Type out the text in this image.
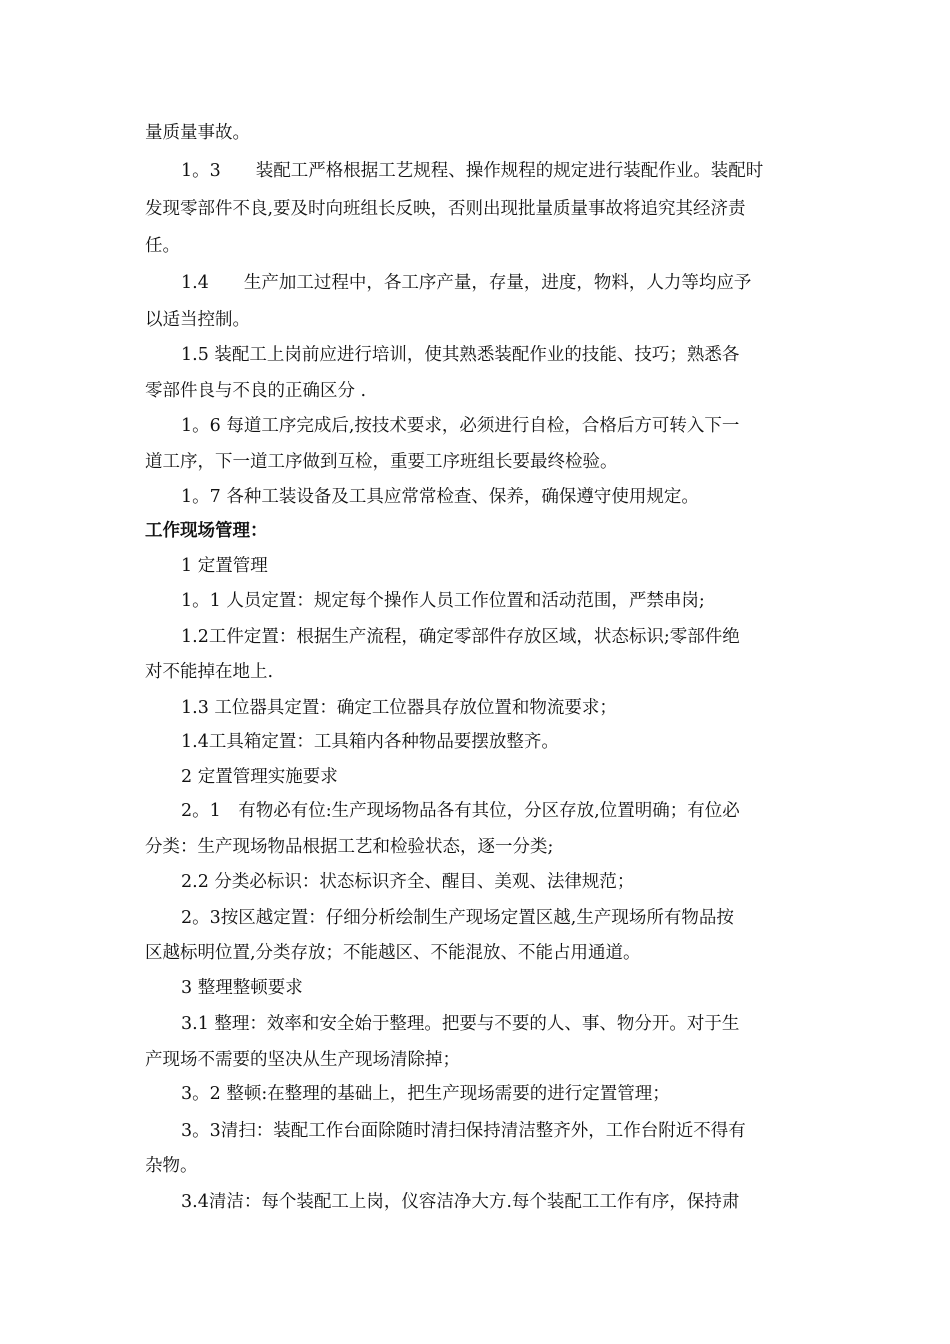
量质量事故。
1。3　　装配工严格根据工艺规程、操作规程的规定进行装配作业。装配时
发现零部件不良,要及时向班组长反映，否则出现批量质量事故将追究其经济责
任。
1.4　　生产加工过程中，各工序产量，存量，进度，物料，人力等均应予
以适当控制。
1.5 装配工上岗前应进行培训，使其熟悉装配作业的技能、技巧；熟悉各
零部件良与不良的正确区分 .
1。6 每道工序完成后,按技术要求，必须进行自检，合格后方可转入下一
道工序，下一道工序做到互检，重要工序班组长要最终检验。
1。7 各种工装设备及工具应常常检查、保养，确保遵守使用规定。
工作现场管理：
1 定置管理
1。1 人员定置：规定每个操作人员工作位置和活动范围，严禁串岗;
1.2工件定置：根据生产流程，确定零部件存放区域，状态标识;零部件绝
对不能掉在地上.
1.3 工位器具定置：确定工位器具存放位置和物流要求；
1.4工具箱定置：工具箱内各种物品要摆放整齐。
2 定置管理实施要求
2。1　有物必有位:生产现场物品各有其位，分区存放,位置明确；有位必
分类：生产现场物品根据工艺和检验状态，逐一分类;
2.2 分类必标识：状态标识齐全、醒目、美观、法律规范；
2。3按区越定置：仔细分析绘制生产现场定置区越,生产现场所有物品按
区越标明位置,分类存放；不能越区、不能混放、不能占用通道。
3 整理整顿要求
3.1 整理：效率和安全始于整理。把要与不要的人、事、物分开。对于生
产现场不需要的坚决从生产现场清除掉；
3。2 整顿:在整理的基础上，把生产现场需要的进行定置管理；
3。3清扫：装配工作台面除随时清扫保持清洁整齐外，工作台附近不得有
杂物。
3.4清洁：每个装配工上岗，仪容洁净大方.每个装配工工作有序，保持肃
